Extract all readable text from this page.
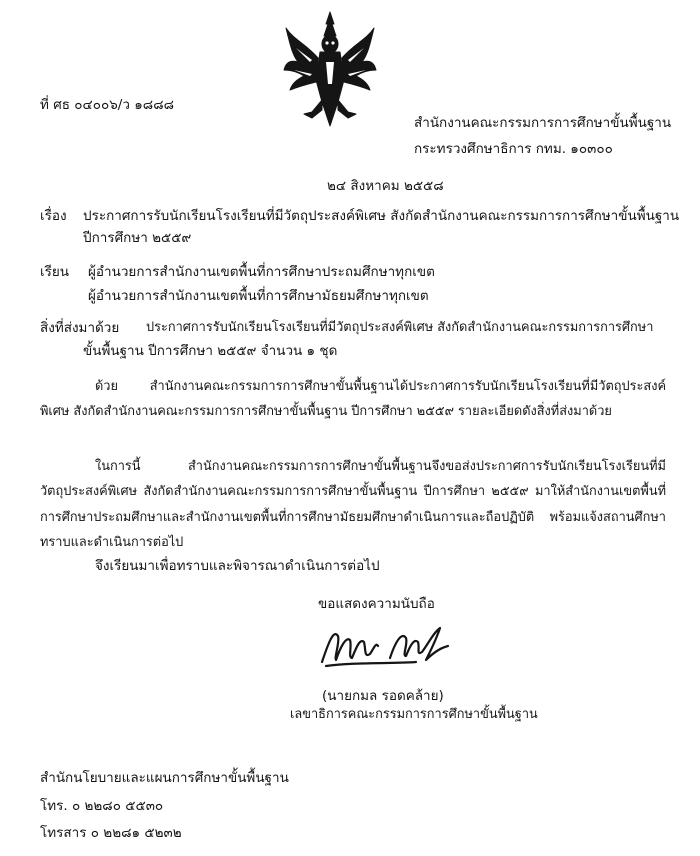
ที่ ศธ ๐๔๐๐๖/ว ๑๘๘๘
สำนักงานคณะกรรมการการศึกษาขั้นพื้นฐาน
กระทรวงศึกษาธิการ กทม. ๑๐๓๐๐
๒๔ สิงหาคม ๒๕๕๘
เรื่อง ประกาศการรับนักเรียนโรงเรียนที่มีวัตถุประสงค์พิเศษ สังกัดสำนักงานคณะกรรมการการศึกษาขั้นพื้นฐาน
ปีการศึกษา ๒๕๕๙
เรียน ผู้อำนวยการสำนักงานเขตพื้นที่การศึกษาประถมศึกษาทุกเขต
ผู้อำนวยการสำนักงานเขตพื้นที่การศึกษามัธยมศึกษาทุกเขต
สิ่งที่ส่งมาด้วย ประกาศการรับนักเรียนโรงเรียนที่มีวัตถุประสงค์พิเศษ สังกัดสำนักงานคณะกรรมการการศึกษา
ขั้นพื้นฐาน ปีการศึกษา ๒๕๕๙ จำนวน ๑ ชุด
ด้วย สำนักงานคณะกรรมการการศึกษาขั้นพื้นฐานได้ประกาศการรับนักเรียนโรงเรียนที่มีวัตถุประสงค์พิเศษ สังกัดสำนักงานคณะกรรมการการศึกษาขั้นพื้นฐาน ปีการศึกษา ๒๕๕๙ รายละเอียดดังสิ่งที่ส่งมาด้วย
ในการนี้ สำนักงานคณะกรรมการการศึกษาขั้นพื้นฐานจึงขอส่งประกาศการรับนักเรียนโรงเรียนที่มีวัตถุประสงค์พิเศษ สังกัดสำนักงานคณะกรรมการการศึกษาขั้นพื้นฐาน ปีการศึกษา ๒๕๕๙ มาให้สำนักงานเขตพื้นที่การศึกษาประถมศึกษาและสำนักงานเขตพื้นที่การศึกษามัธยมศึกษาดำเนินการและถือปฏิบัติ พร้อมแจ้งสถานศึกษาทราบและดำเนินการต่อไป
จึงเรียนมาเพื่อทราบและพิจารณาดำเนินการต่อไป
ขอแสดงความนับถือ
(นายกมล รอดคล้าย)
เลขาธิการคณะกรรมการการศึกษาขั้นพื้นฐาน
สำนักนโยบายและแผนการศึกษาขั้นพื้นฐาน
โทร. ๐ ๒๒๘๐ ๕๕๓๐
โทรสาร ๐ ๒๒๘๑ ๕๒๓๒
